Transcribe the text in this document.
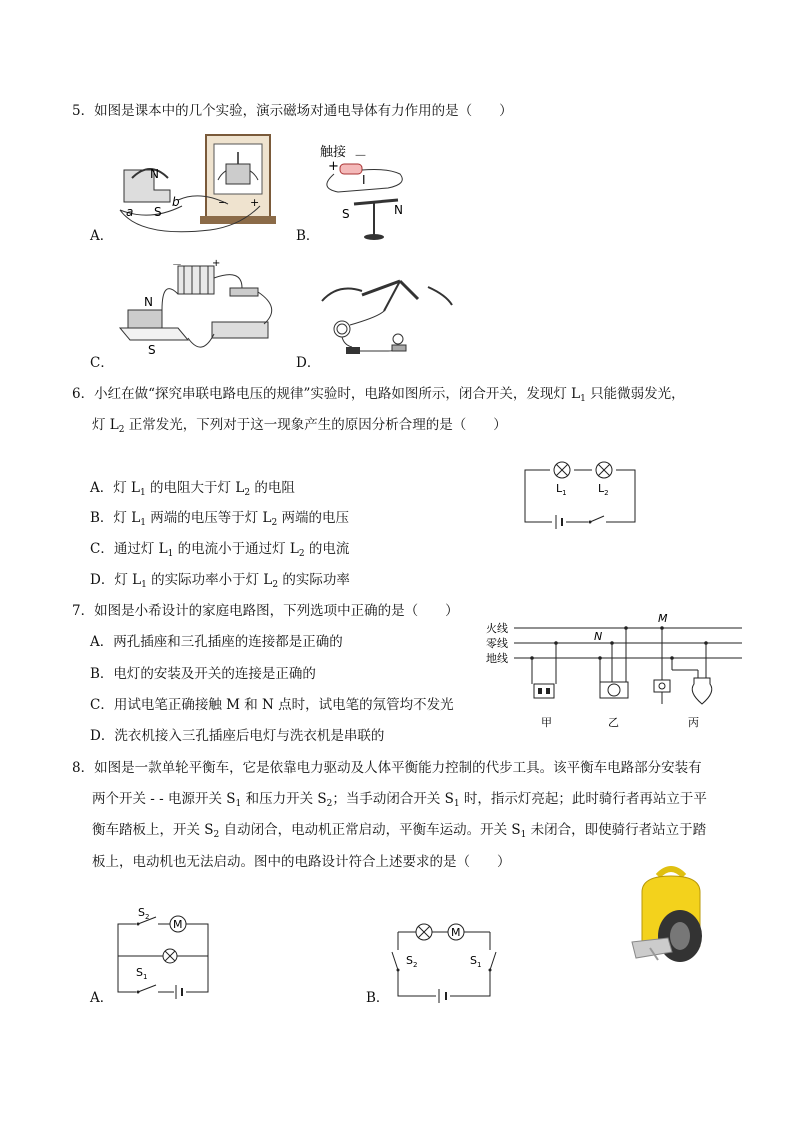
5．如图是课本中的几个实验，演示磁场对通电导体有力作用的是（　　）
− +
N
S
a
b
A．
触接 －
+
I
S	N
B．
－	+
N
S
C．	D．
6．小红在做“探究串联电路电压的规律”实验时，电路如图所示，闭合开关，发现灯 $L_1$ 只能微弱发光，
灯 $L_2$ 正常发光，下列对于这一现象产生的原因分析合理的是（　　）
A．灯 $L_1$ 的电阻大于灯 $L_2$ 的电阻
B．灯 $L_1$ 两端的电压等于灯 $L_2$ 两端的电压
C．通过灯 $L_1$ 的电流小于通过灯 $L_2$ 的电流
D．灯 $L_1$ 的实际功率小于灯 $L_2$ 的实际功率
$L_1$	$L_2$
7．如图是小希设计的家庭电路图，下列选项中正确的是（　　）
A．两孔插座和三孔插座的连接都是正确的
B．电灯的安装及开关的连接是正确的
C．用试电笔正确接触 M 和 N 点时，试电笔的氖管均不发光
D．洗衣机接入三孔插座后电灯与洗衣机是串联的
火线
零线
地线
M
N
甲	乙	丙
8．如图是一款单轮平衡车，它是依靠电力驱动及人体平衡能力控制的代步工具。该平衡车电路部分安装有
两个开关 - - 电源开关 $S_1$ 和压力开关 $S_2$；当手动闭合开关 $S_1$ 时，指示灯亮起；此时骑行者再站立于平
衡车踏板上，开关 $S_2$ 自动闭合，电动机正常启动，平衡车运动。开关 $S_1$ 未闭合，即使骑行者站立于踏
板上，电动机也无法启动。图中的电路设计符合上述要求的是（　　）
$S_2$
M
$S_1$
A．
M
$S_2$	$S_1$
B．
